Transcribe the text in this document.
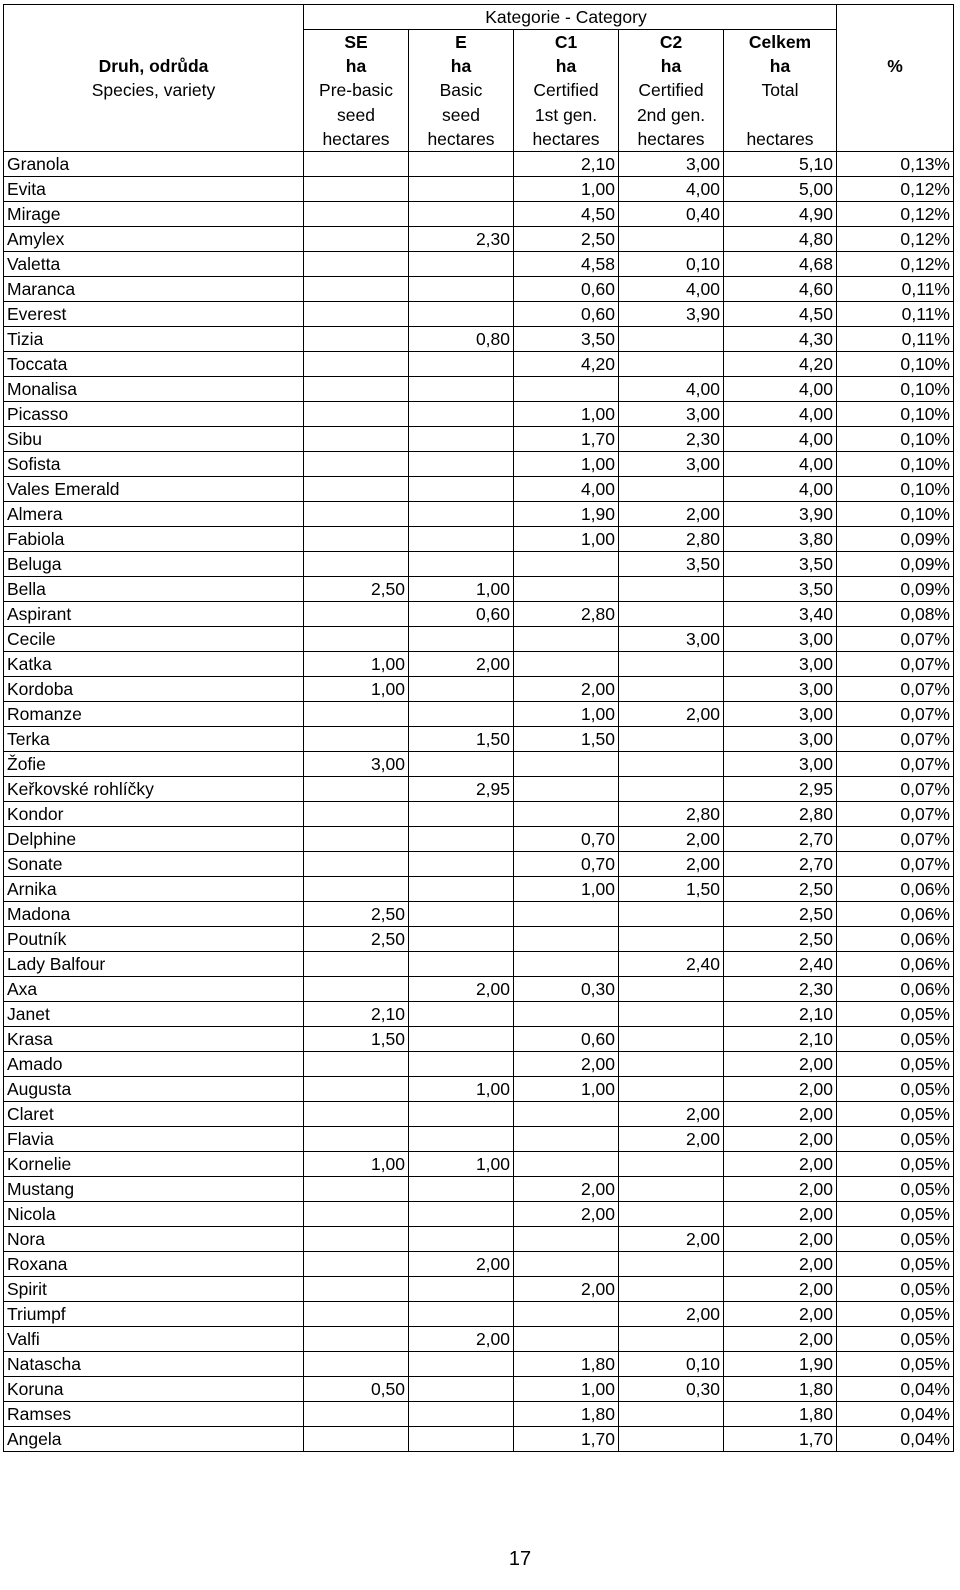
		Kategorie - Category				
	SE	E	C1	C2	Celkem	
Druh, odrůda	ha	ha	ha	ha	ha	%
Species, variety	Pre-basic	Basic	Certified	Certified	Total	
	seed	seed	1st gen.	2nd gen.		
	hectares	hectares	hectares	hectares	hectares	
Granola			2,10	3,00	5,10	0,13%
Evita			1,00	4,00	5,00	0,12%
Mirage			4,50	0,40	4,90	0,12%
Amylex		2,30	2,50		4,80	0,12%
Valetta			4,58	0,10	4,68	0,12%
Maranca			0,60	4,00	4,60	0,11%
Everest			0,60	3,90	4,50	0,11%
Tizia		0,80	3,50		4,30	0,11%
Toccata			4,20		4,20	0,10%
Monalisa				4,00	4,00	0,10%
Picasso			1,00	3,00	4,00	0,10%
Sibu			1,70	2,30	4,00	0,10%
Sofista			1,00	3,00	4,00	0,10%
Vales Emerald			4,00		4,00	0,10%
Almera			1,90	2,00	3,90	0,10%
Fabiola			1,00	2,80	3,80	0,09%
Beluga				3,50	3,50	0,09%
Bella	2,50	1,00			3,50	0,09%
Aspirant		0,60	2,80		3,40	0,08%
Cecile				3,00	3,00	0,07%
Katka	1,00	2,00			3,00	0,07%
Kordoba	1,00		2,00		3,00	0,07%
Romanze			1,00	2,00	3,00	0,07%
Terka		1,50	1,50		3,00	0,07%
Žofie	3,00				3,00	0,07%
Keřkovské rohlíčky		2,95			2,95	0,07%
Kondor				2,80	2,80	0,07%
Delphine			0,70	2,00	2,70	0,07%
Sonate			0,70	2,00	2,70	0,07%
Arnika			1,00	1,50	2,50	0,06%
Madona	2,50				2,50	0,06%
Poutník	2,50				2,50	0,06%
Lady Balfour				2,40	2,40	0,06%
Axa		2,00	0,30		2,30	0,06%
Janet	2,10				2,10	0,05%
Krasa	1,50		0,60		2,10	0,05%
Amado			2,00		2,00	0,05%
Augusta		1,00	1,00		2,00	0,05%
Claret				2,00	2,00	0,05%
Flavia				2,00	2,00	0,05%
Kornelie	1,00	1,00			2,00	0,05%
Mustang			2,00		2,00	0,05%
Nicola			2,00		2,00	0,05%
Nora				2,00	2,00	0,05%
Roxana		2,00			2,00	0,05%
Spirit			2,00		2,00	0,05%
Triumpf				2,00	2,00	0,05%
Valfi		2,00			2,00	0,05%
Natascha			1,80	0,10	1,90	0,05%
Koruna	0,50		1,00	0,30	1,80	0,04%
Ramses			1,80		1,80	0,04%
Angela			1,70		1,70	0,04%
17
